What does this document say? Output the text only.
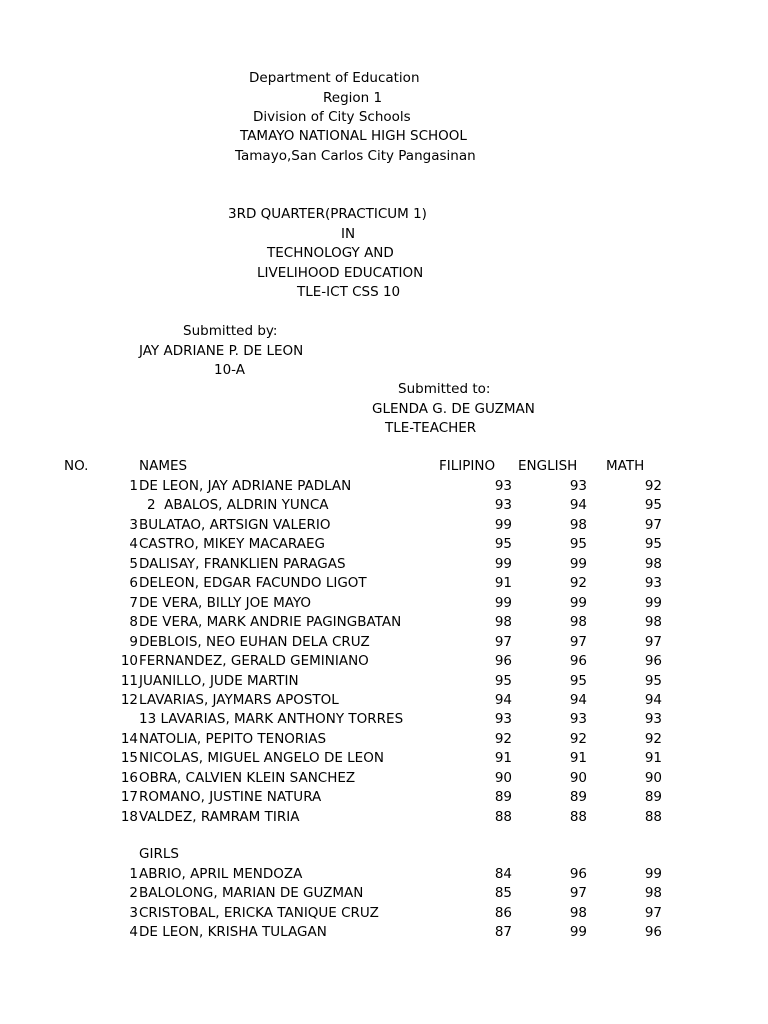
Department of Education
Region 1
Division of City Schools
TAMAYO NATIONAL HIGH SCHOOL
Tamayo,San Carlos City Pangasinan
3RD QUARTER(PRACTICUM 1)
IN
TECHNOLOGY AND
LIVELIHOOD EDUCATION
TLE-ICT CSS 10
Submitted by:
JAY ADRIANE P. DE LEON
10-A
Submitted to:
GLENDA G. DE GUZMAN
TLE-TEACHER
NO.	NAMES	FILIPINO ENGLISH MATH
1 DE LEON, JAY ADRIANE PADLAN	93	93	92
2  ABALOS, ALDRIN YUNCA	93	94	95
3 BULATAO, ARTSIGN VALERIO	99	98	97
4 CASTRO, MIKEY MACARAEG	95	95	95
5 DALISAY, FRANKLIEN PARAGAS	99	99	98
6 DELEON, EDGAR FACUNDO LIGOT	91	92	93
7 DE VERA, BILLY JOE MAYO	99	99	99
8 DE VERA, MARK ANDRIE PAGINGBATAN	98	98	98
9 DEBLOIS, NEO EUHAN DELA CRUZ	97	97	97
10 FERNANDEZ, GERALD GEMINIANO	96	96	96
11 JUANILLO, JUDE MARTIN	95	95	95
12 LAVARIAS, JAYMARS APOSTOL	94	94	94
13 LAVARIAS, MARK ANTHONY TORRES	93	93	93
14 NATOLIA, PEPITO TENORIAS	92	92	92
15 NICOLAS, MIGUEL ANGELO DE LEON	91	91	91
16 OBRA, CALVIEN KLEIN SANCHEZ	90	90	90
17 ROMANO, JUSTINE NATURA	89	89	89
18 VALDEZ, RAMRAM TIRIA	88	88	88
GIRLS
1 ABRIO, APRIL MENDOZA	84	96	99
2 BALOLONG, MARIAN DE GUZMAN	85	97	98
3 CRISTOBAL, ERICKA TANIQUE CRUZ	86	98	97
4 DE LEON, KRISHA TULAGAN	87	99	96
